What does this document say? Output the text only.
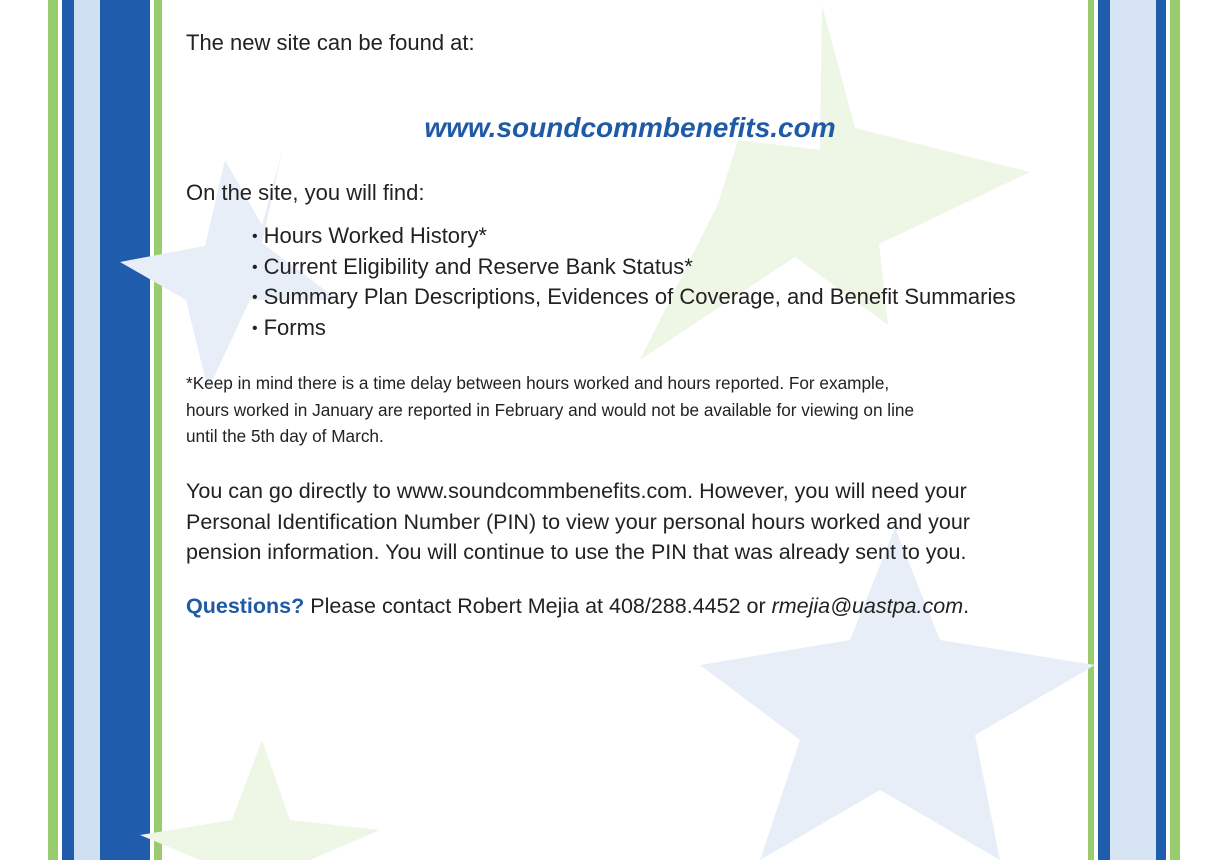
The new site can be found at:

www.soundcommbenefits.com

On the site, you will find:

• Hours Worked History*
• Current Eligibility and Reserve Bank Status*
• Summary Plan Descriptions, Evidences of Coverage, and Benefit Summaries
• Forms

*Keep in mind there is a time delay between hours worked and hours reported. For example,
hours worked in January are reported in February and would not be available for viewing on line
until the 5th day of March.

You can go directly to www.soundcommbenefits.com. However, you will need your
Personal Identification Number (PIN) to view your personal hours worked and your
pension information. You will continue to use the PIN that was already sent to you.

Questions? Please contact Robert Mejia at 408/288.4452 or rmejia@uastpa.com.
